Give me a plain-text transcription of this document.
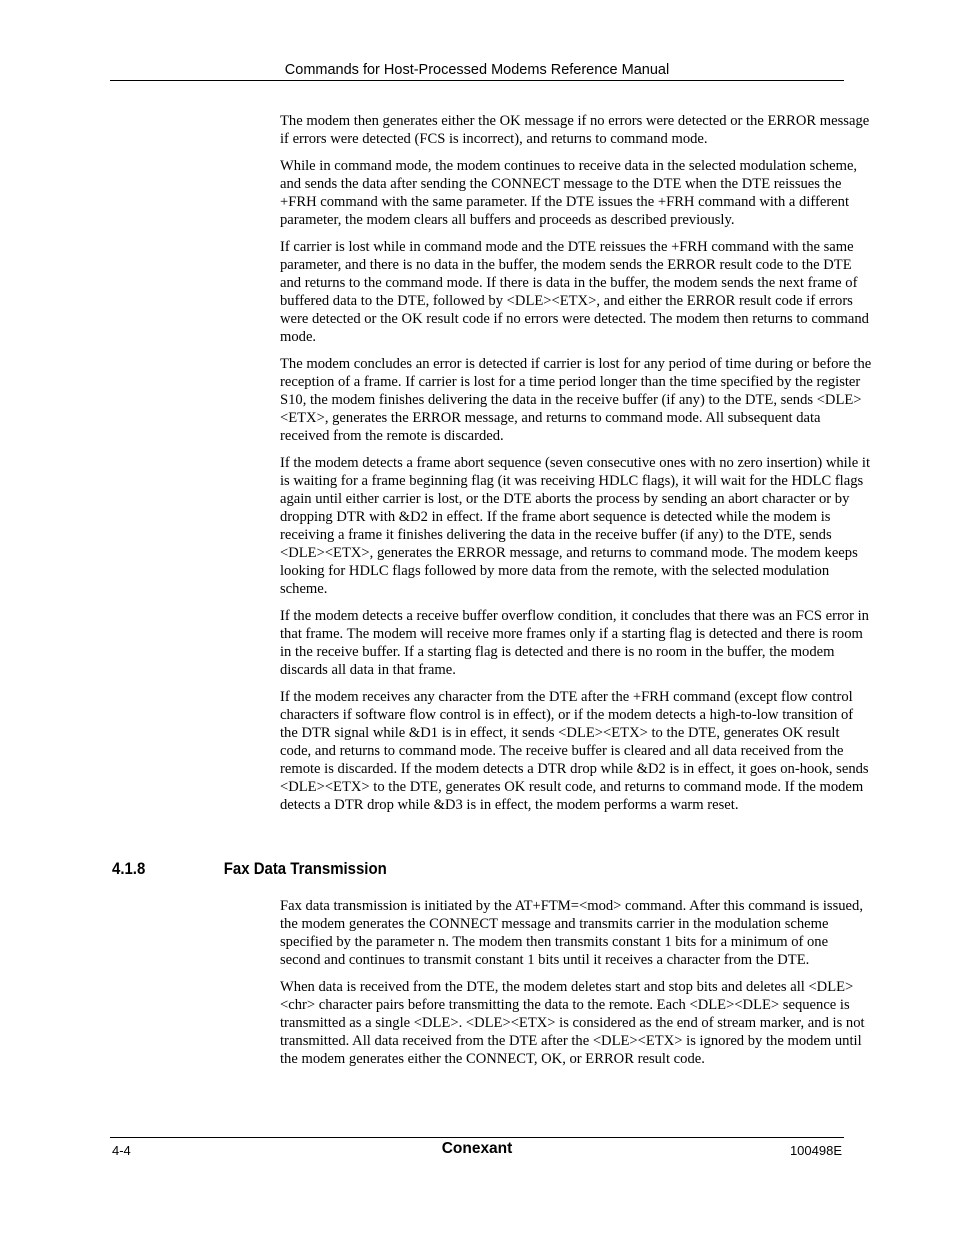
Commands for Host-Processed Modems Reference Manual

The modem then generates either the OK message if no errors were detected or the ERROR message if errors were detected (FCS is incorrect), and returns to command mode.

While in command mode, the modem continues to receive data in the selected modulation scheme, and sends the data after sending the CONNECT message to the DTE when the DTE reissues the +FRH command with the same parameter. If the DTE issues the +FRH command with a different parameter, the modem clears all buffers and proceeds as described previously.

If carrier is lost while in command mode and the DTE reissues the +FRH command with the same parameter, and there is no data in the buffer, the modem sends the ERROR result code to the DTE and returns to the command mode. If there is data in the buffer, the modem sends the next frame of buffered data to the DTE, followed by <DLE><ETX>, and either the ERROR result code if errors were detected or the OK result code if no errors were detected. The modem then returns to command mode.

The modem concludes an error is detected if carrier is lost for any period of time during or before the reception of a frame. If carrier is lost for a time period longer than the time specified by the register S10, the modem finishes delivering the data in the receive buffer (if any) to the DTE, sends <DLE><ETX>, generates the ERROR message, and returns to command mode. All subsequent data received from the remote is discarded.

If the modem detects a frame abort sequence (seven consecutive ones with no zero insertion) while it is waiting for a frame beginning flag (it was receiving HDLC flags), it will wait for the HDLC flags again until either carrier is lost, or the DTE aborts the process by sending an abort character or by dropping DTR with &D2 in effect. If the frame abort sequence is detected while the modem is receiving a frame it finishes delivering the data in the receive buffer (if any) to the DTE, sends <DLE><ETX>, generates the ERROR message, and returns to command mode. The modem keeps looking for HDLC flags followed by more data from the remote, with the selected modulation scheme.

If the modem detects a receive buffer overflow condition, it concludes that there was an FCS error in that frame. The modem will receive more frames only if a starting flag is detected and there is room in the receive buffer. If a starting flag is detected and there is no room in the buffer, the modem discards all data in that frame.

If the modem receives any character from the DTE after the +FRH command (except flow control characters if software flow control is in effect), or if the modem detects a high-to-low transition of the DTR signal while &D1 is in effect, it sends <DLE><ETX> to the DTE, generates OK result code, and returns to command mode. The receive buffer is cleared and all data received from the remote is discarded. If the modem detects a DTR drop while &D2 is in effect, it goes on-hook, sends <DLE><ETX> to the DTE, generates OK result code, and returns to command mode. If the modem detects a DTR drop while &D3 is in effect, the modem performs a warm reset.

4.1.8	Fax Data Transmission

Fax data transmission is initiated by the AT+FTM=<mod> command. After this command is issued, the modem generates the CONNECT message and transmits carrier in the modulation scheme specified by the parameter n. The modem then transmits constant 1 bits for a minimum of one second and continues to transmit constant 1 bits until it receives a character from the DTE.

When data is received from the DTE, the modem deletes start and stop bits and deletes all <DLE><chr> character pairs before transmitting the data to the remote. Each <DLE><DLE> sequence is transmitted as a single <DLE>. <DLE><ETX> is considered as the end of stream marker, and is not transmitted. All data received from the DTE after the <DLE><ETX> is ignored by the modem until the modem generates either the CONNECT, OK, or ERROR result code.

4-4	Conexant	100498E
